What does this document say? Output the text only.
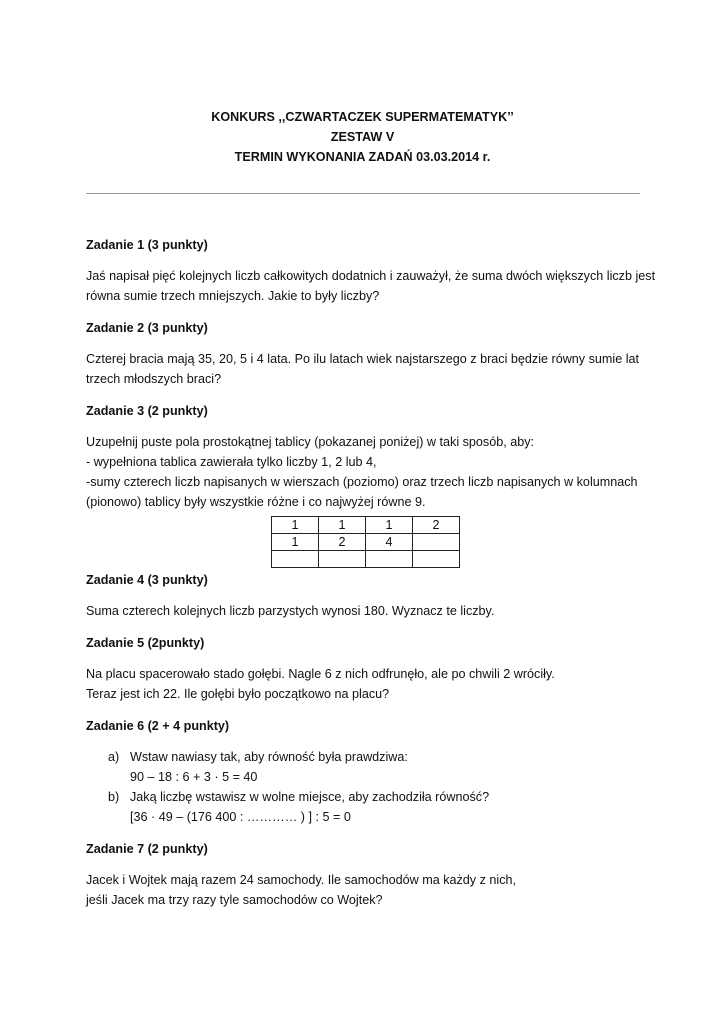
KONKURS ,,CZWARTACZEK SUPERMATEMATYK’’
ZESTAW V
TERMIN WYKONANIA ZADAŃ 03.03.2014 r.
Zadanie 1 (3 punkty)
Jaś napisał pięć kolejnych liczb całkowitych dodatnich i zauważył, że suma dwóch większych liczb jest
równa sumie trzech mniejszych. Jakie to były liczby?
Zadanie 2 (3 punkty)
Czterej bracia mają 35, 20, 5 i 4 lata. Po ilu latach wiek najstarszego z braci będzie równy sumie lat
trzech młodszych braci?
Zadanie 3 (2 punkty)
Uzupełnij puste pola prostokątnej tablicy (pokazanej poniżej) w taki sposób, aby:
- wypełniona tablica zawierała tylko liczby 1, 2 lub 4,
-sumy czterech liczb napisanych w wierszach (poziomo) oraz trzech liczb napisanych w kolumnach
(pionowo) tablicy były wszystkie różne i co najwyżej równe 9.
1	1	1	2
1	2	4	

Zadanie 4 (3 punkty)
Suma czterech kolejnych liczb parzystych wynosi 180. Wyznacz te liczby.
Zadanie 5 (2punkty)
Na placu spacerowało stado gołębi. Nagle 6 z nich odfrunęło, ale po chwili 2 wróciły.
Teraz jest ich 22. Ile gołębi było początkowo na placu?
Zadanie 6 (2 + 4 punkty)
a) Wstaw nawiasy tak, aby równość była prawdziwa:
90 – 18 : 6 + 3 · 5 = 40
b) Jaką liczbę wstawisz w wolne miejsce, aby zachodziła równość?
[36 · 49 – (176 400 : ………… ) ] : 5 = 0
Zadanie 7 (2 punkty)
Jacek i Wojtek mają razem 24 samochody. Ile samochodów ma każdy z nich,
jeśli Jacek ma trzy razy tyle samochodów co Wojtek?
